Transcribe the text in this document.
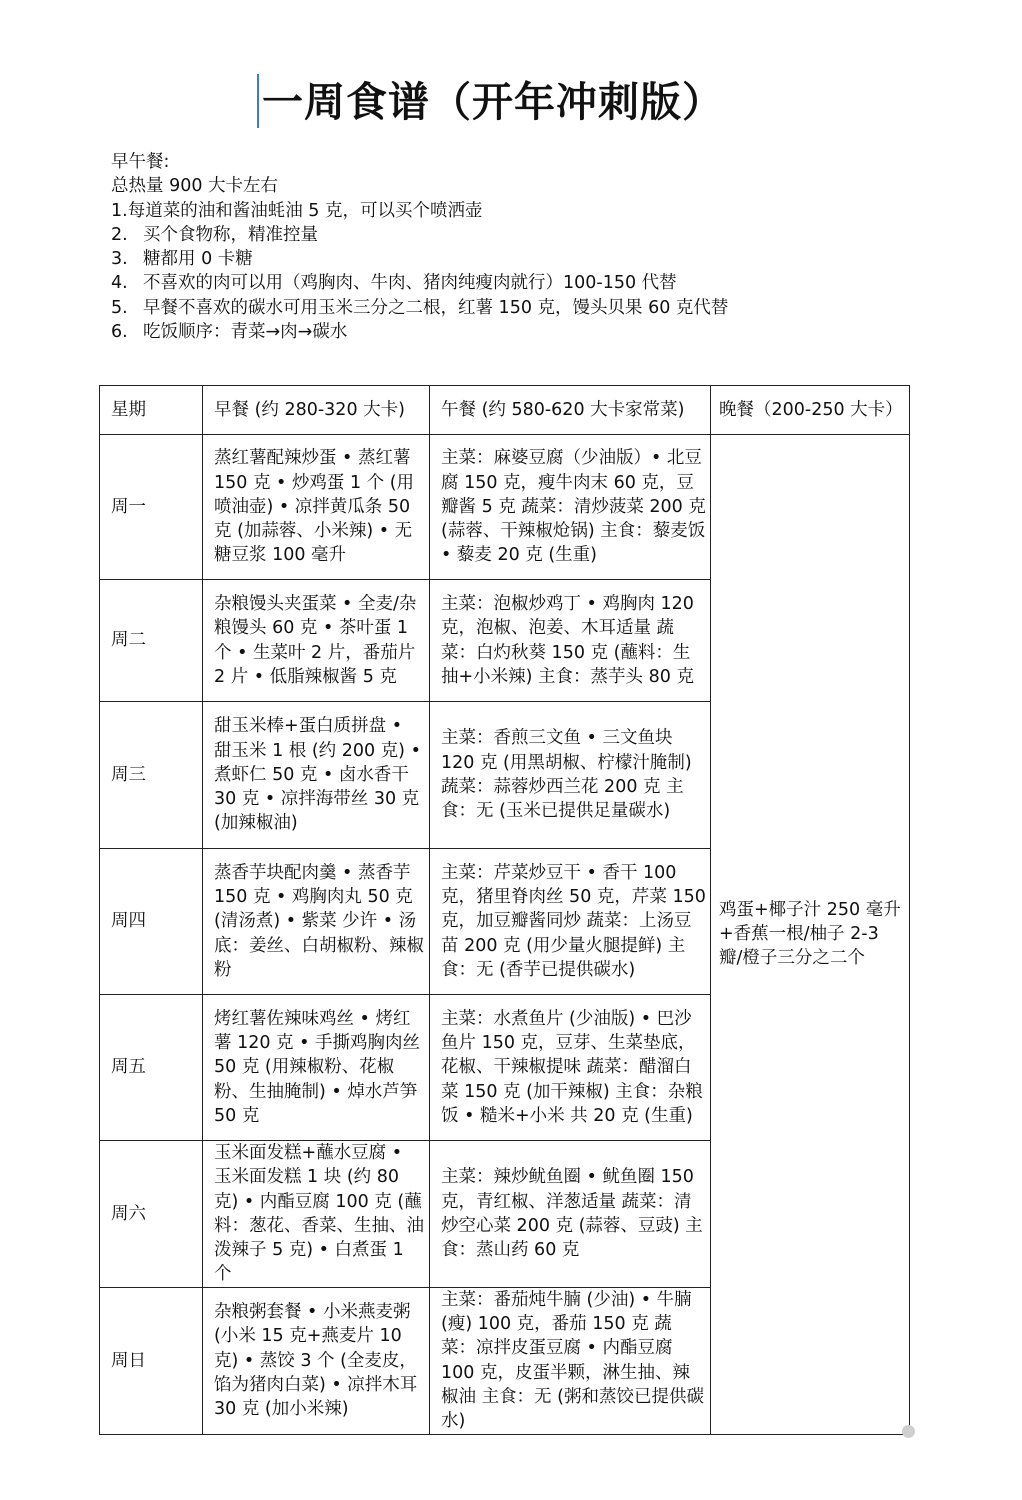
一周食谱（开年冲刺版）
早午餐:
总热量 900 大卡左右
1.每道菜的油和酱油蚝油 5 克，可以买个喷洒壶
2. 买个食物称，精准控量
3. 糖都用 0 卡糖
4. 不喜欢的肉可以用（鸡胸肉、牛肉、猪肉纯瘦肉就行）100-150 代替
5. 早餐不喜欢的碳水可用玉米三分之二根，红薯 150 克，馒头贝果 60 克代替
6. 吃饭顺序：青菜→肉→碳水
星期	早餐 (约 280-320 大卡)	午餐 (约 580-620 大卡家常菜)	晚餐（200-250 大卡）
周一	蒸红薯配辣炒蛋 • 蒸红薯 150 克 • 炒鸡蛋 1 个 (用喷油壶) • 凉拌黄瓜条 50 克 (加蒜蓉、小米辣) • 无糖豆浆 100 毫升	主菜：麻婆豆腐（少油版）• 北豆腐 150 克，瘦牛肉末 60 克，豆瓣酱 5 克 蔬菜：清炒菠菜 200 克 (蒜蓉、干辣椒炝锅) 主食：藜麦饭 • 藜麦 20 克 (生重)	鸡蛋+椰子汁 250 毫升+香蕉一根/柚子 2-3 瓣/橙子三分之二个
周二	杂粮馒头夹蛋菜 • 全麦/杂粮馒头 60 克 • 茶叶蛋 1 个 • 生菜叶 2 片，番茄片 2 片 • 低脂辣椒酱 5 克	主菜：泡椒炒鸡丁 • 鸡胸肉 120 克，泡椒、泡姜、木耳适量 蔬菜：白灼秋葵 150 克 (蘸料：生抽+小米辣) 主食：蒸芋头 80 克	
周三	甜玉米棒+蛋白质拼盘 • 甜玉米 1 根 (约 200 克) • 煮虾仁 50 克 • 卤水香干 30 克 • 凉拌海带丝 30 克 (加辣椒油)	主菜：香煎三文鱼 • 三文鱼块 120 克 (用黑胡椒、柠檬汁腌制) 蔬菜：蒜蓉炒西兰花 200 克 主食：无 (玉米已提供足量碳水)	
周四	蒸香芋块配肉羹 • 蒸香芋 150 克 • 鸡胸肉丸 50 克 (清汤煮) • 紫菜 少许 • 汤底：姜丝、白胡椒粉、辣椒粉	主菜：芹菜炒豆干 • 香干 100 克，猪里脊肉丝 50 克，芹菜 150 克，加豆瓣酱同炒 蔬菜：上汤豆苗 200 克 (用少量火腿提鲜) 主食：无 (香芋已提供碳水)	
周五	烤红薯佐辣味鸡丝 • 烤红薯 120 克 • 手撕鸡胸肉丝 50 克 (用辣椒粉、花椒粉、生抽腌制) • 焯水芦笋 50 克	主菜：水煮鱼片 (少油版) • 巴沙鱼片 150 克，豆芽、生菜垫底，花椒、干辣椒提味 蔬菜：醋溜白菜 150 克 (加干辣椒) 主食：杂粮饭 • 糙米+小米 共 20 克 (生重)	
周六	玉米面发糕+蘸水豆腐 • 玉米面发糕 1 块 (约 80 克) • 内酯豆腐 100 克 (蘸料：葱花、香菜、生抽、油泼辣子 5 克) • 白煮蛋 1 个	主菜：辣炒鱿鱼圈 • 鱿鱼圈 150 克，青红椒、洋葱适量 蔬菜：清炒空心菜 200 克 (蒜蓉、豆豉) 主食：蒸山药 60 克	
周日	杂粮粥套餐 • 小米燕麦粥 (小米 15 克+燕麦片 10 克) • 蒸饺 3 个 (全麦皮，馅为猪肉白菜) • 凉拌木耳 30 克 (加小米辣)	主菜：番茄炖牛腩 (少油) • 牛腩 (瘦) 100 克，番茄 150 克 蔬菜：凉拌皮蛋豆腐 • 内酯豆腐 100 克，皮蛋半颗，淋生抽、辣椒油 主食：无 (粥和蒸饺已提供碳水)	
